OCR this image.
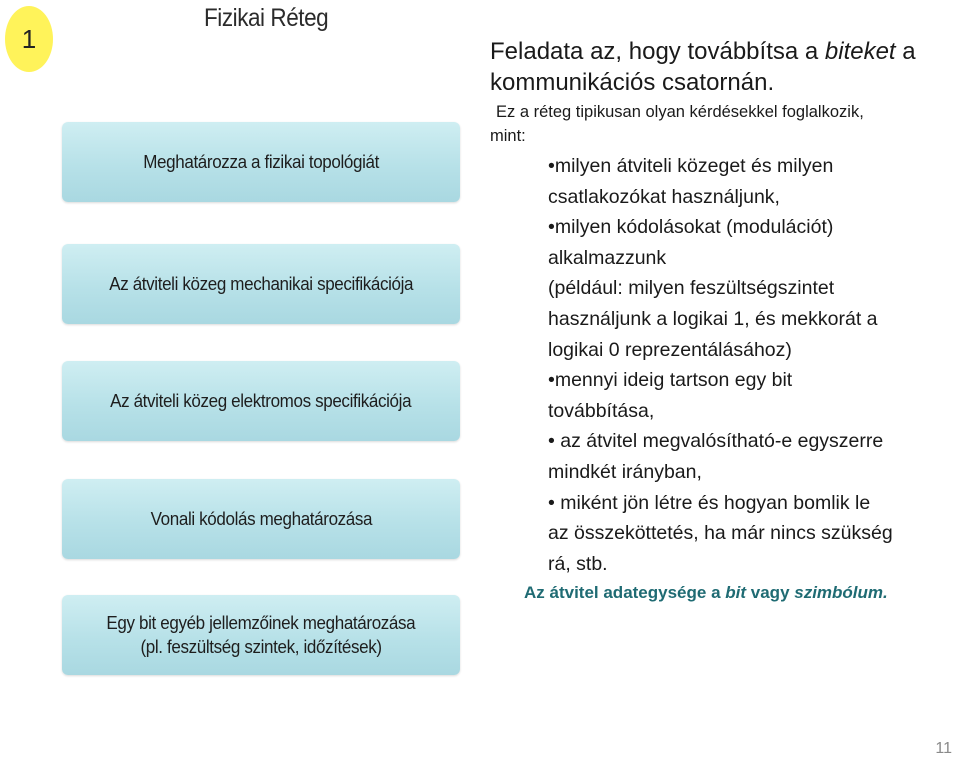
1
Fizikai Réteg
Meghatározza a fizikai topológiát
Az átviteli közeg mechanikai specifikációja
Az átviteli közeg elektromos specifikációja
Vonali kódolás meghatározása
Egy bit egyéb jellemzőinek meghatározása
(pl. feszültség szintek, időzítések)

Feladata az, hogy továbbítsa a biteket a kommunikációs csatornán.

Ez a réteg tipikusan olyan kérdésekkel foglalkozik,
mint:

•milyen átviteli közeget és milyen
csatlakozókat használjunk,
•milyen kódolásokat (modulációt)
alkalmazzunk
(például: milyen feszültségszintet
használjunk a logikai 1, és mekkorát a
logikai 0 reprezentálásához)
•mennyi ideig tartson egy bit
továbbítása,
• az átvitel megvalósítható-e egyszerre
mindkét irányban,
• miként jön létre és hogyan bomlik le
az összeköttetés, ha már nincs szükség
rá, stb.

Az átvitel adategysége a bit vagy szimbólum.

11
